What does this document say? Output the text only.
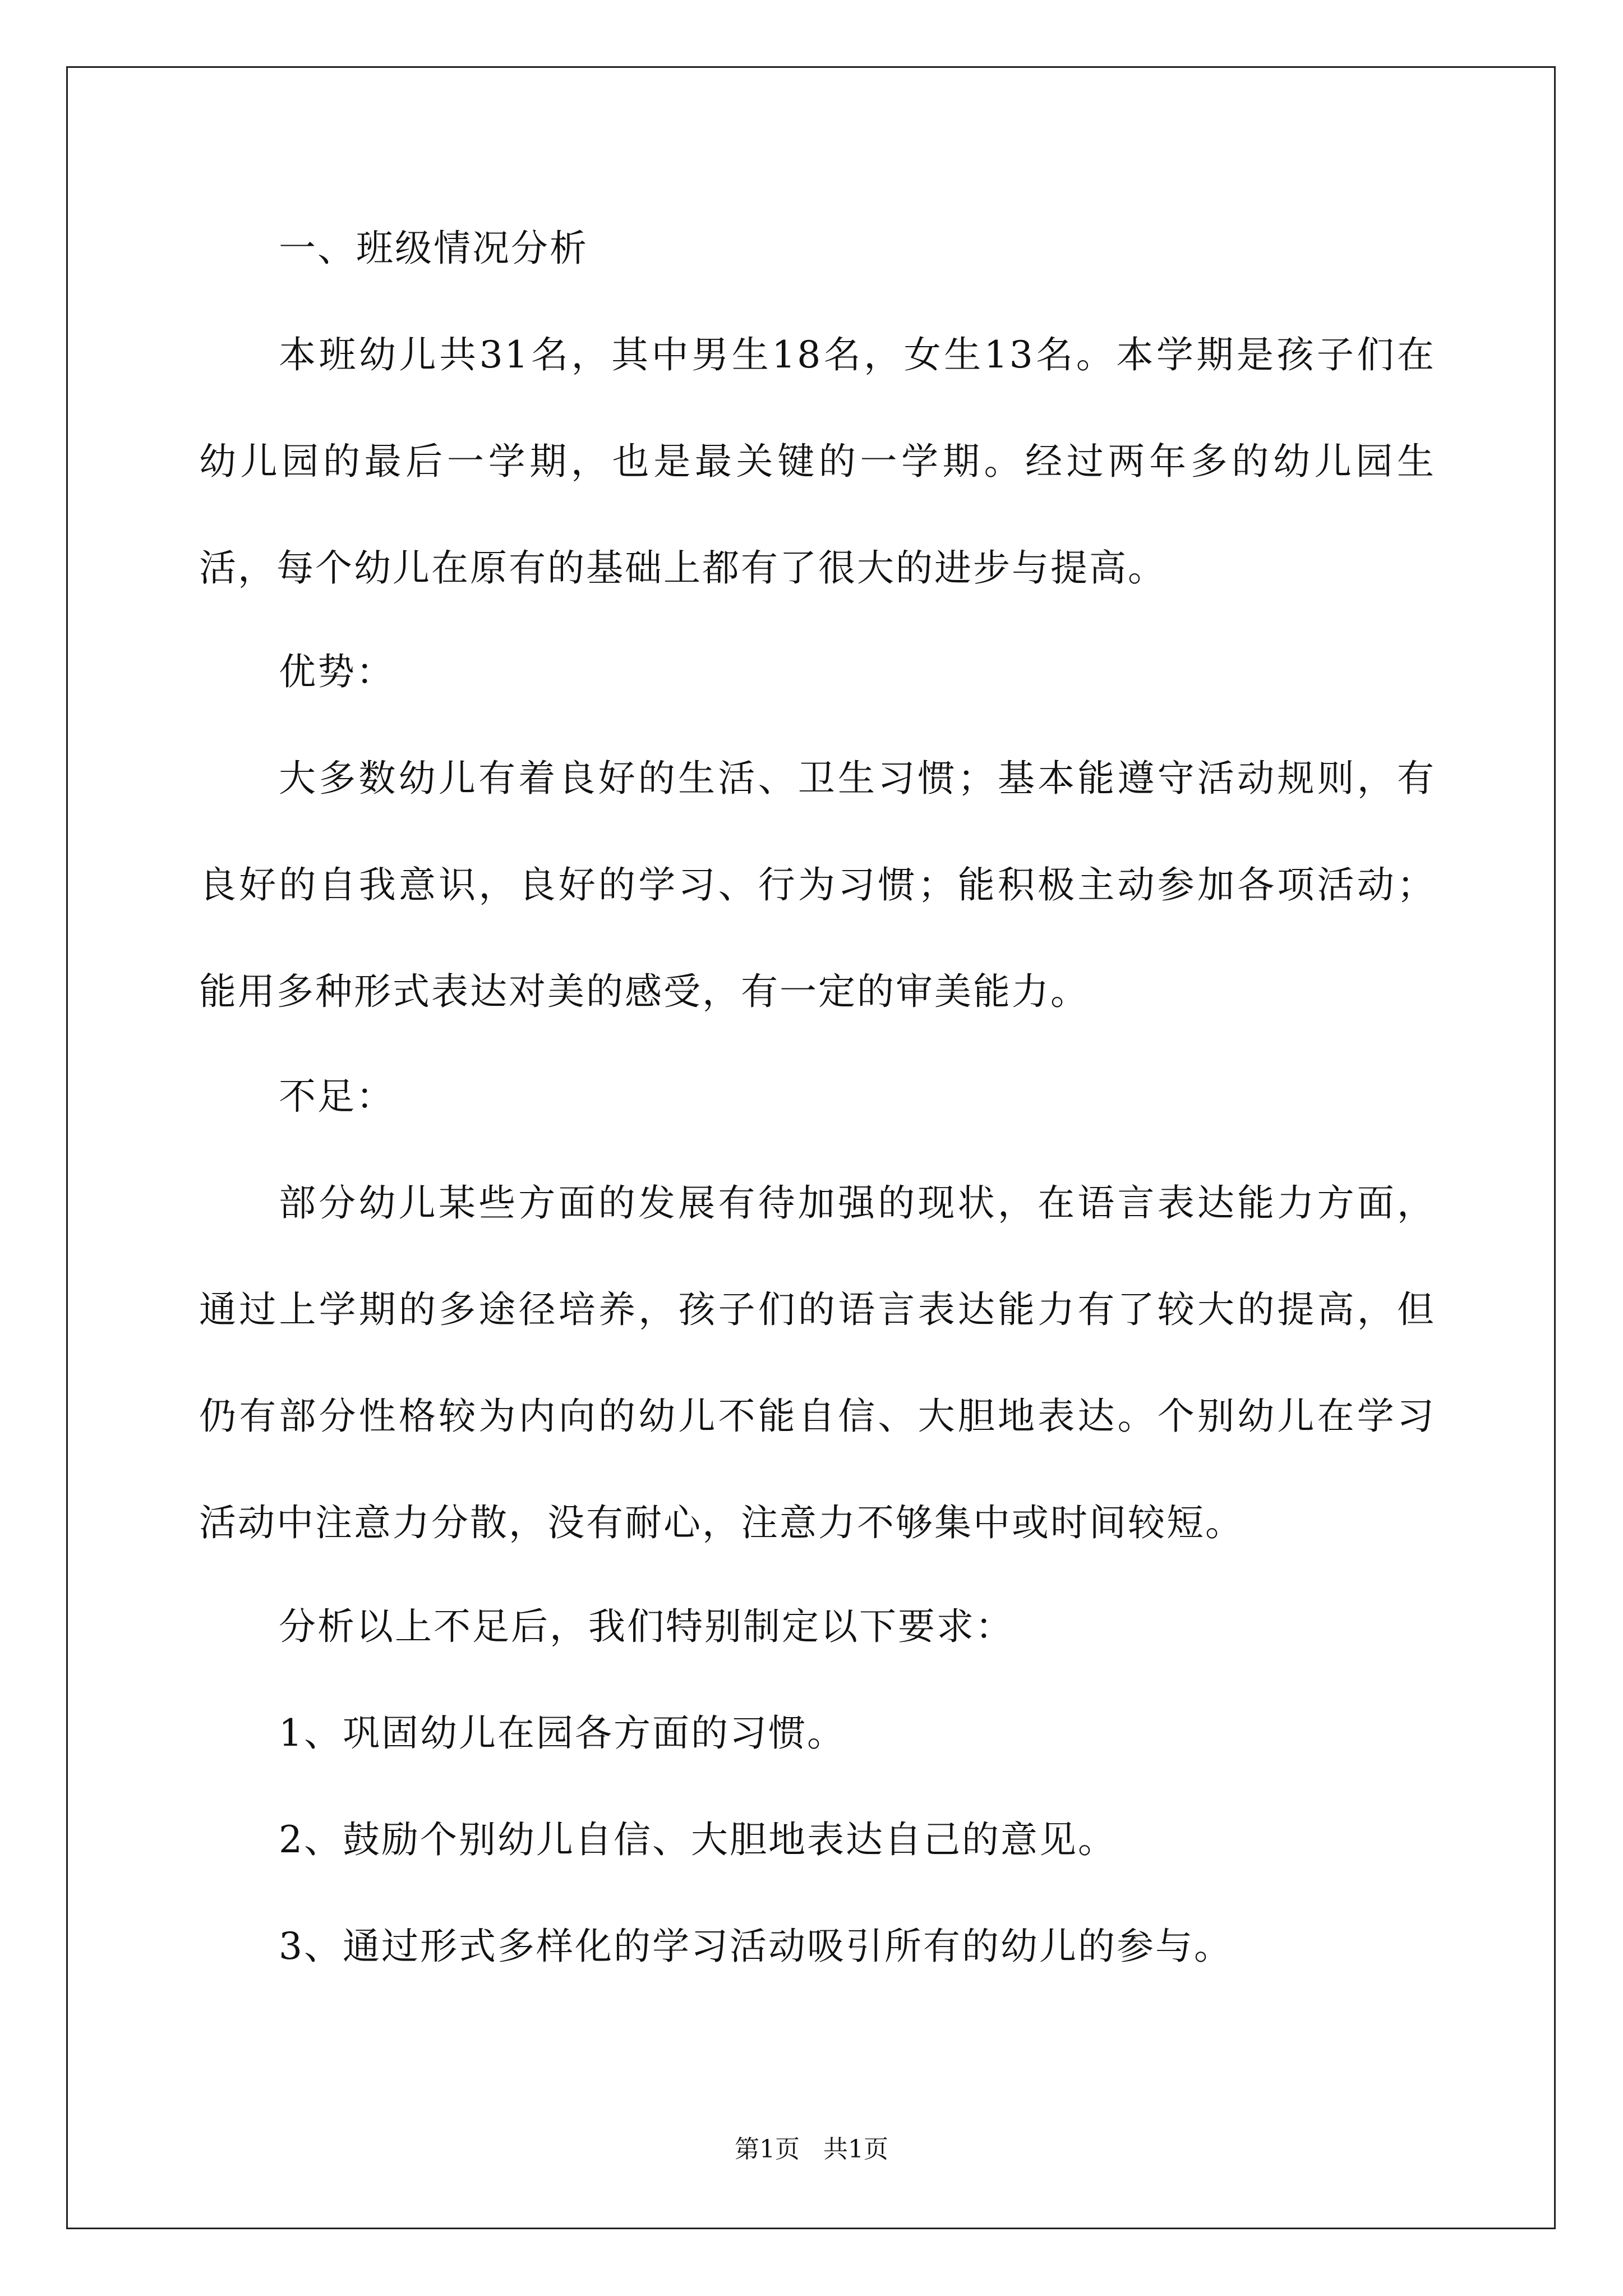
一、班级情况分析

本班幼儿共31名，其中男生18名，女生13名。本学期是孩子们在幼儿园的最后一学期，也是最关键的一学期。经过两年多的幼儿园生活，每个幼儿在原有的基础上都有了很大的进步与提高。

优势：

大多数幼儿有着良好的生活、卫生习惯；基本能遵守活动规则，有良好的自我意识，良好的学习、行为习惯；能积极主动参加各项活动；能用多种形式表达对美的感受，有一定的审美能力。

不足：

部分幼儿某些方面的发展有待加强的现状，在语言表达能力方面，通过上学期的多途径培养，孩子们的语言表达能力有了较大的提高，但仍有部分性格较为内向的幼儿不能自信、大胆地表达。个别幼儿在学习活动中注意力分散，没有耐心，注意力不够集中或时间较短。

分析以上不足后，我们特别制定以下要求：

1、巩固幼儿在园各方面的习惯。

2、鼓励个别幼儿自信、大胆地表达自己的意见。

3、通过形式多样化的学习活动吸引所有的幼儿的参与。

第1页   共1页
